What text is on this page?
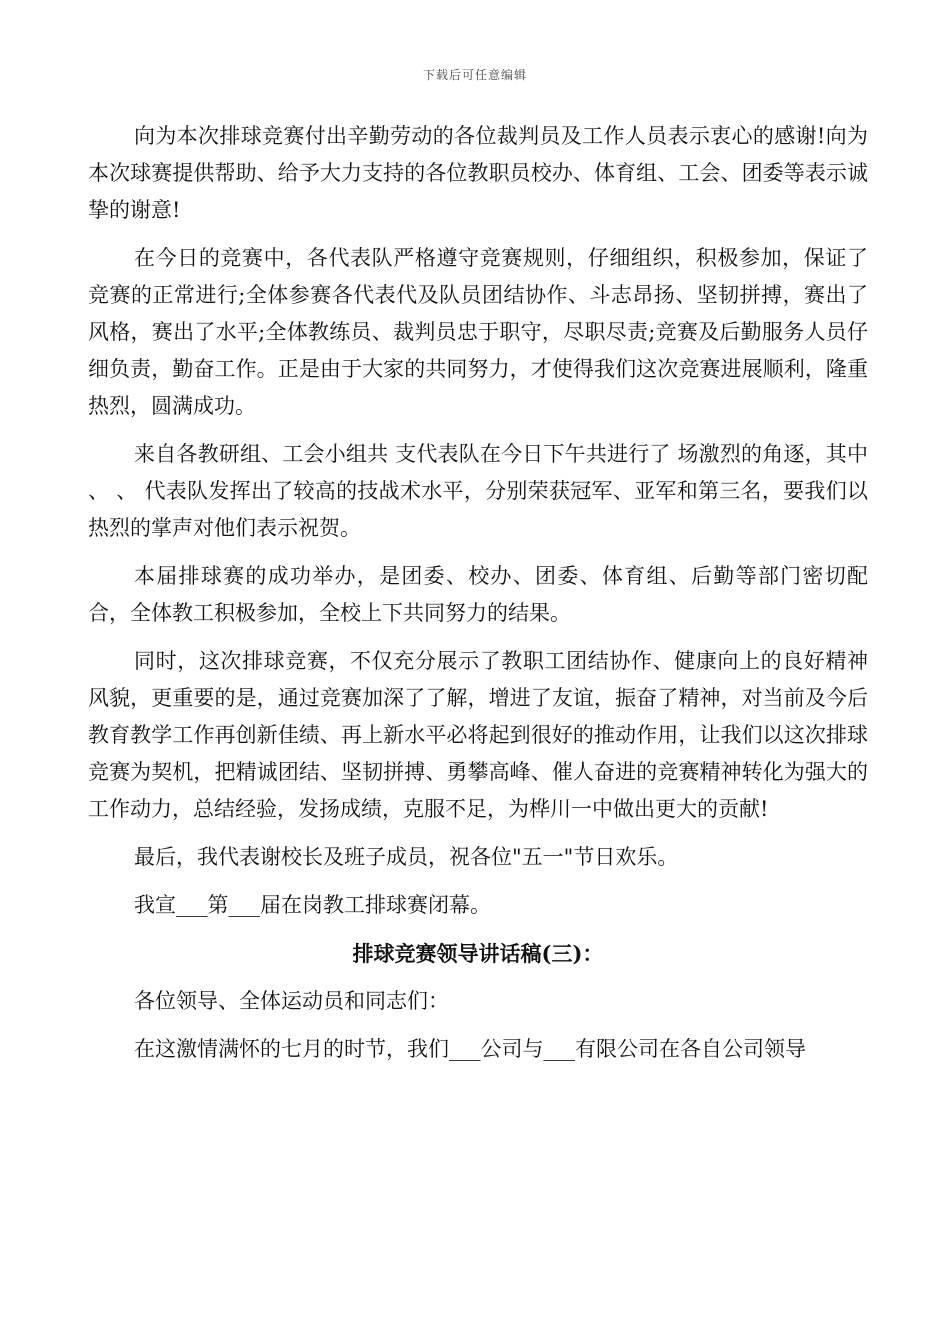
下载后可任意编辑

向为本次排球竞赛付出辛勤劳动的各位裁判员及工作人员表示衷心的感谢!向为本次球赛提供帮助、给予大力支持的各位教职员校办、体育组、工会、团委等表示诚挚的谢意!

在今日的竞赛中，各代表队严格遵守竞赛规则，仔细组织，积极参加，保证了竞赛的正常进行;全体参赛各代表代及队员团结协作、斗志昂扬、坚韧拼搏，赛出了风格，赛出了水平;全体教练员、裁判员忠于职守，尽职尽责;竞赛及后勤服务人员仔细负责，勤奋工作。正是由于大家的共同努力，才使得我们这次竞赛进展顺利，隆重热烈，圆满成功。

来自各教研组、工会小组共 支代表队在今日下午共进行了 场激烈的角逐，其中 、 、 代表队发挥出了较高的技战术水平，分别荣获冠军、亚军和第三名，要我们以热烈的掌声对他们表示祝贺。

本届排球赛的成功举办，是团委、校办、团委、体育组、后勤等部门密切配合，全体教工积极参加，全校上下共同努力的结果。

同时，这次排球竞赛，不仅充分展示了教职工团结协作、健康向上的良好精神风貌，更重要的是，通过竞赛加深了了解，增进了友谊，振奋了精神，对当前及今后教育教学工作再创新佳绩、再上新水平必将起到很好的推动作用，让我们以这次排球竞赛为契机，把精诚团结、坚韧拼搏、勇攀高峰、催人奋进的竞赛精神转化为强大的工作动力，总结经验，发扬成绩，克服不足，为桦川一中做出更大的贡献!

最后，我代表谢校长及班子成员，祝各位"五一"节日欢乐。

我宣___第___届在岗教工排球赛闭幕。

排球竞赛领导讲话稿(三)：

各位领导、全体运动员和同志们：

在这激情满怀的七月的时节，我们___公司与___有限公司在各自公司领导
